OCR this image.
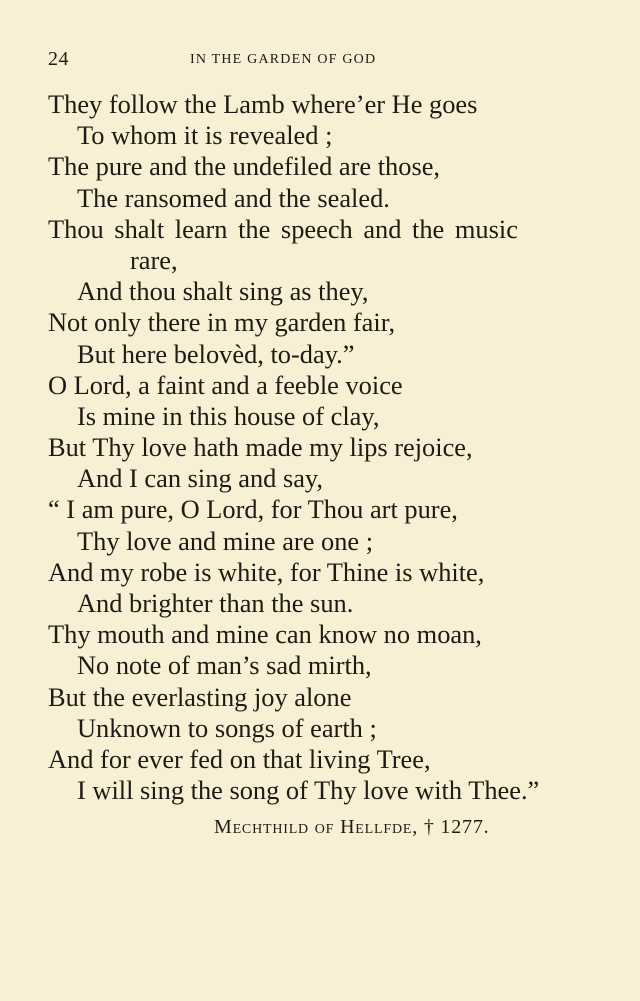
24	IN THE GARDEN OF GOD
They follow the Lamb where’er He goes
To whom it is revealed ;
The pure and the undefiled are those,
The ransomed and the sealed.
Thou shalt learn the speech and the music
rare,
And thou shalt sing as they,
Not only there in my garden fair,
But here belovèd, to-day.”
O Lord, a faint and a feeble voice
Is mine in this house of clay,
But Thy love hath made my lips rejoice,
And I can sing and say,
“ I am pure, O Lord, for Thou art pure,
Thy love and mine are one ;
And my robe is white, for Thine is white,
And brighter than the sun.
Thy mouth and mine can know no moan,
No note of man’s sad mirth,
But the everlasting joy alone
Unknown to songs of earth ;
And for ever fed on that living Tree,
I will sing the song of Thy love with Thee.”
Mechthild of Hellfde, † 1277.
